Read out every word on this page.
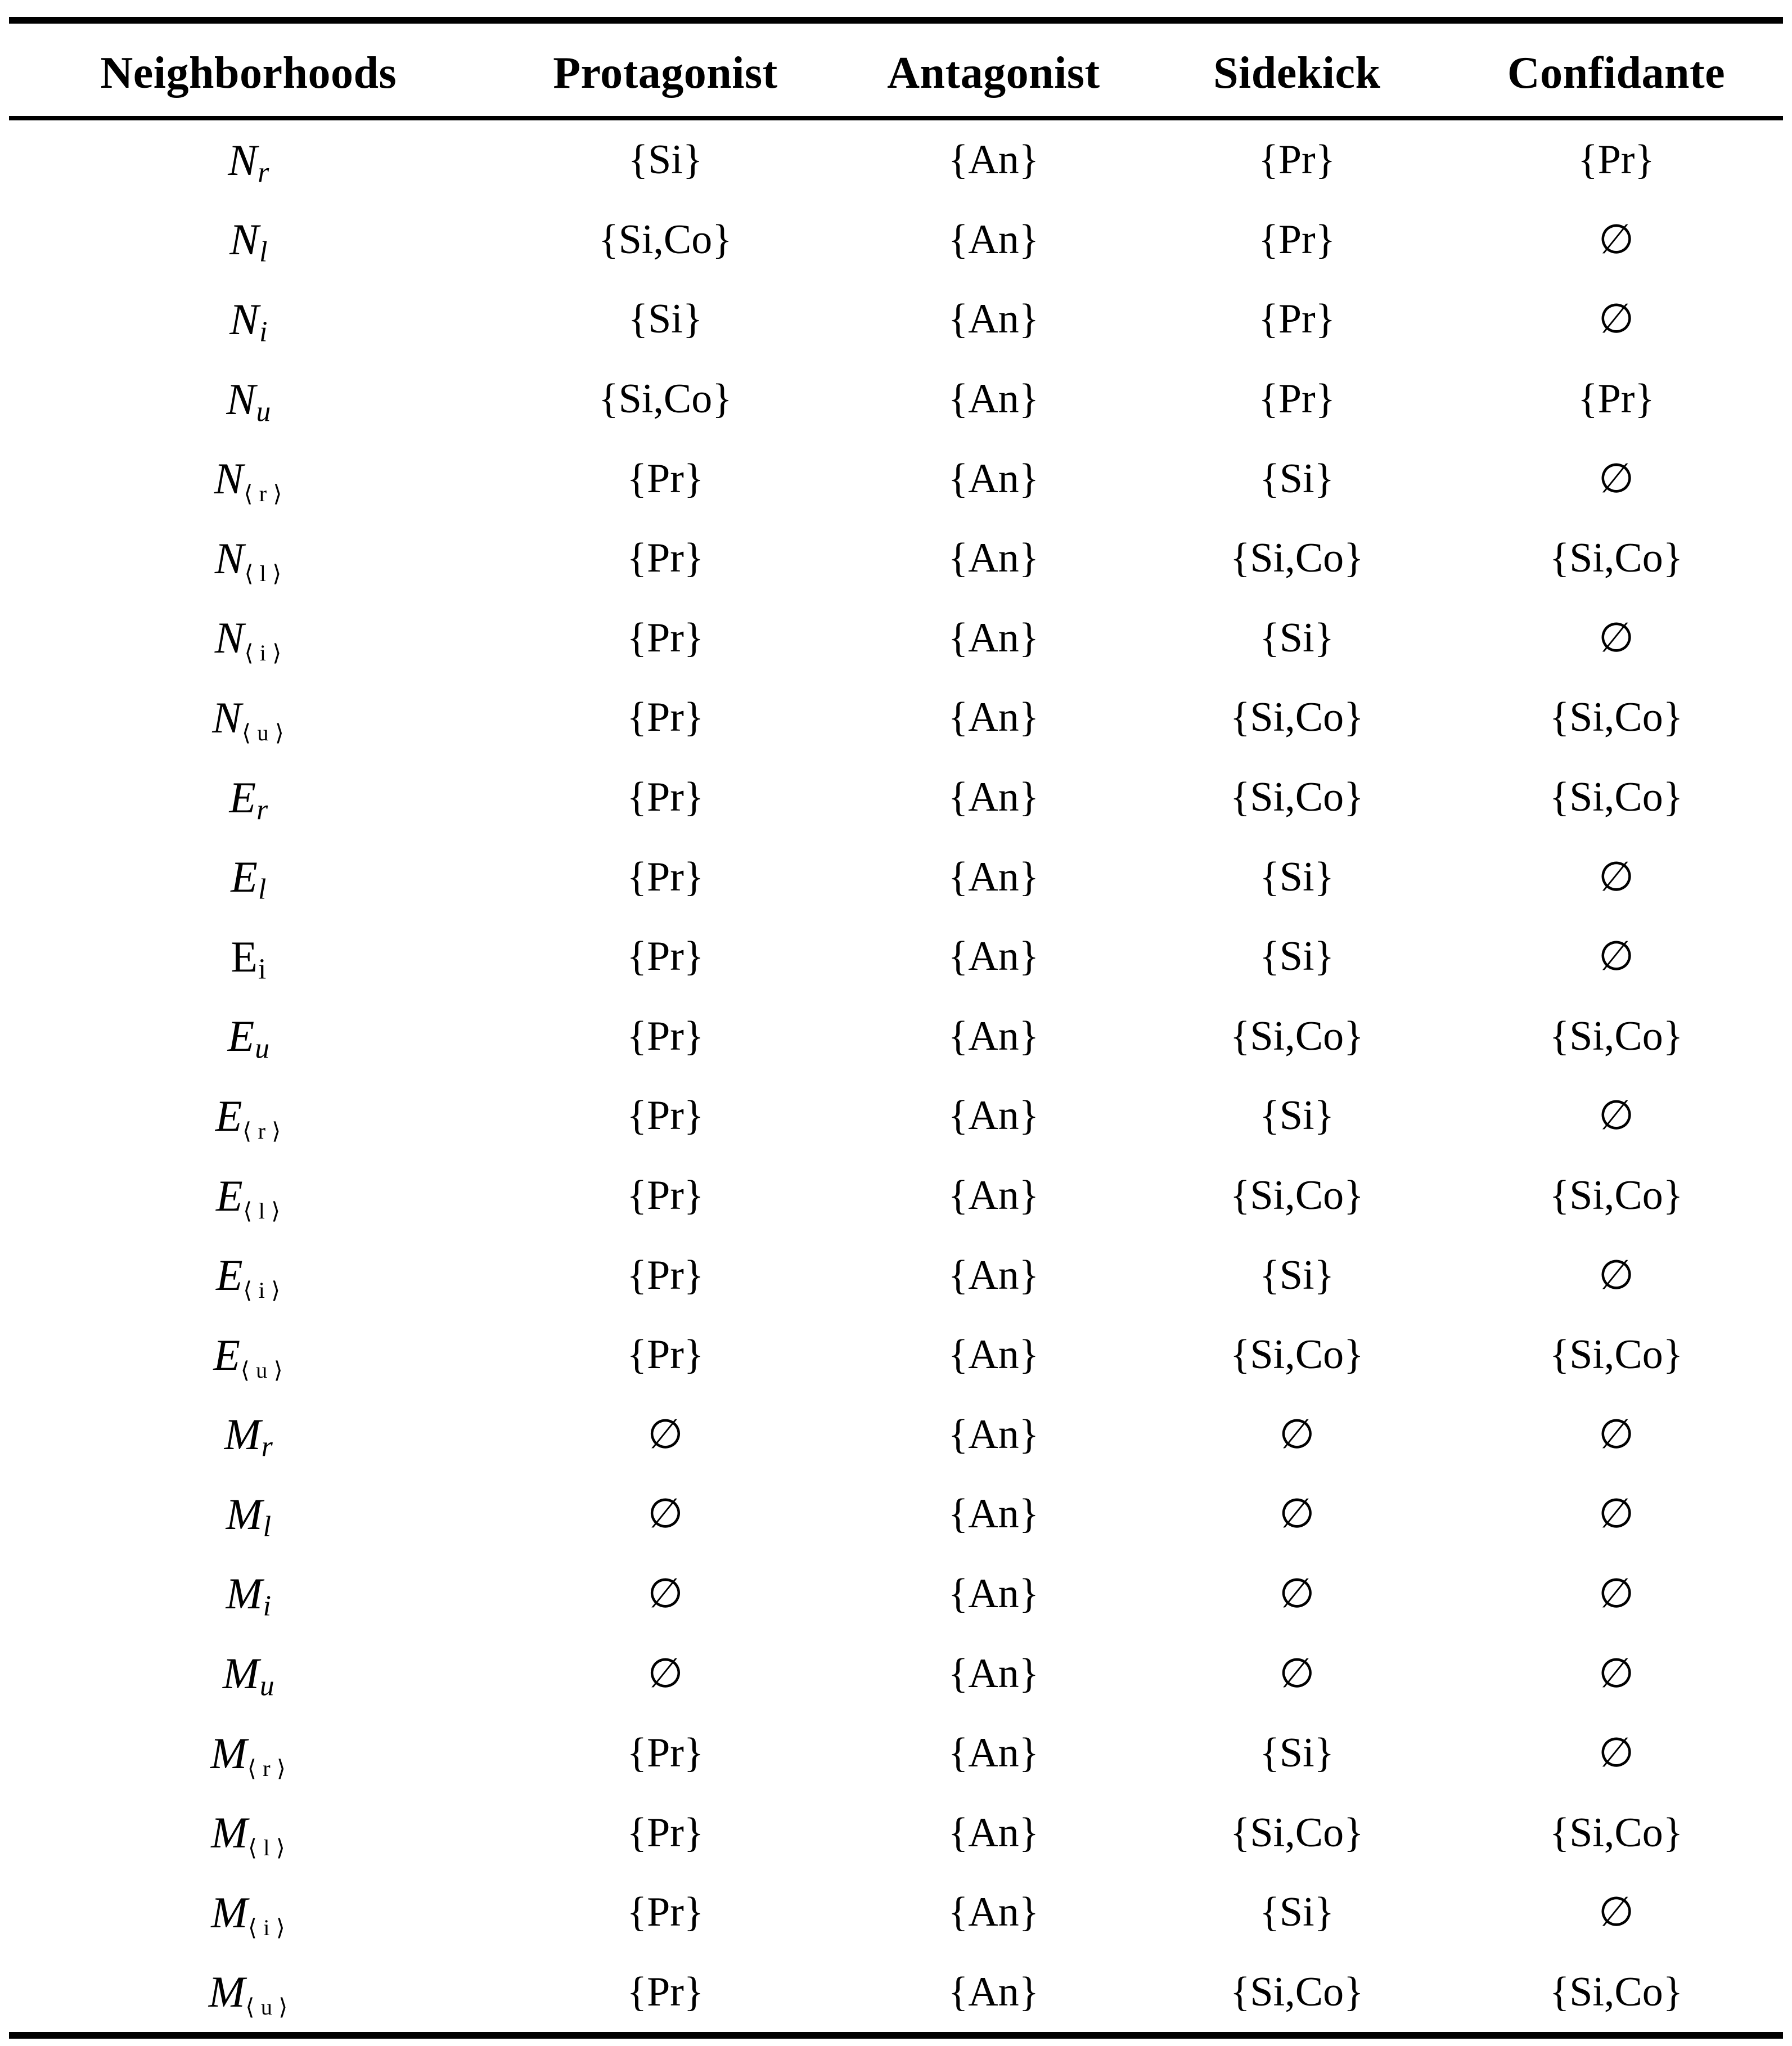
Neighborhoods	Protagonist	Antagonist	Sidekick	Confidante
Nr	{Si}	{An}	{Pr}	{Pr}
Nl	{Si,Co}	{An}	{Pr}	∅
Ni	{Si}	{An}	{Pr}	∅
Nu	{Si,Co}	{An}	{Pr}	{Pr}
N⟨ r ⟩	{Pr}	{An}	{Si}	∅
N⟨ l ⟩	{Pr}	{An}	{Si,Co}	{Si,Co}
N⟨ i ⟩	{Pr}	{An}	{Si}	∅
N⟨ u ⟩	{Pr}	{An}	{Si,Co}	{Si,Co}
Er	{Pr}	{An}	{Si,Co}	{Si,Co}
El	{Pr}	{An}	{Si}	∅
Ei	{Pr}	{An}	{Si}	∅
Eu	{Pr}	{An}	{Si,Co}	{Si,Co}
E⟨ r ⟩	{Pr}	{An}	{Si}	∅
E⟨ l ⟩	{Pr}	{An}	{Si,Co}	{Si,Co}
E⟨ i ⟩	{Pr}	{An}	{Si}	∅
E⟨ u ⟩	{Pr}	{An}	{Si,Co}	{Si,Co}
Mr	∅	{An}	∅	∅
Ml	∅	{An}	∅	∅
Mi	∅	{An}	∅	∅
Mu	∅	{An}	∅	∅
M⟨ r ⟩	{Pr}	{An}	{Si}	∅
M⟨ l ⟩	{Pr}	{An}	{Si,Co}	{Si,Co}
M⟨ i ⟩	{Pr}	{An}	{Si}	∅
M⟨ u ⟩	{Pr}	{An}	{Si,Co}	{Si,Co}
